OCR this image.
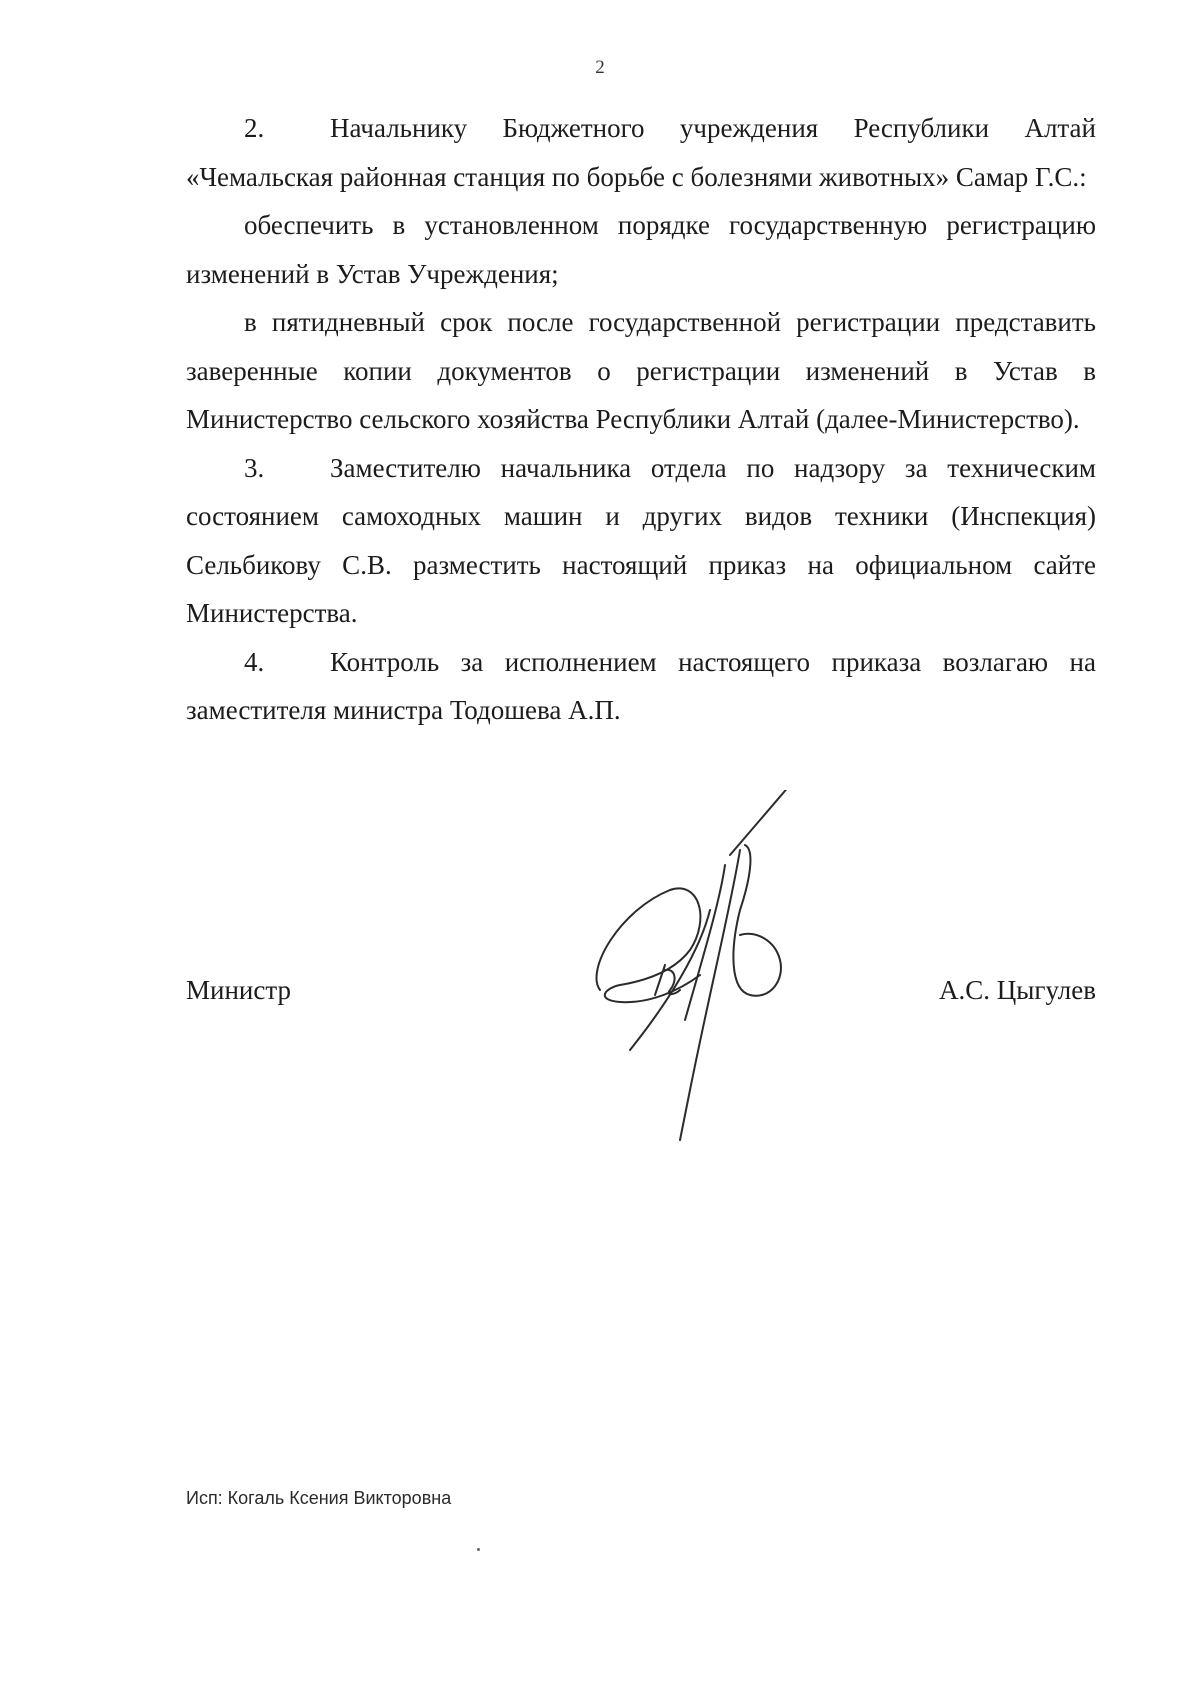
2

2. Начальнику Бюджетного учреждения Республики Алтай «Чемальская районная станция по борьбе с болезнями животных» Самар Г.С.:

обеспечить в установленном порядке государственную регистрацию изменений в Устав Учреждения;

в пятидневный срок после государственной регистрации представить заверенные копии документов о регистрации изменений в Устав в Министерство сельского хозяйства Республики Алтай (далее-Министерство).

3. Заместителю начальника отдела по надзору за техническим состоянием самоходных машин и других видов техники (Инспекция) Сельбикову С.В. разместить настоящий приказ на официальном сайте Министерства.

4. Контроль за исполнением настоящего приказа возлагаю на заместителя министра Тодошева А.П.

Министр	А.С. Цыгулев
Исп: Когаль Ксения Викторовна
